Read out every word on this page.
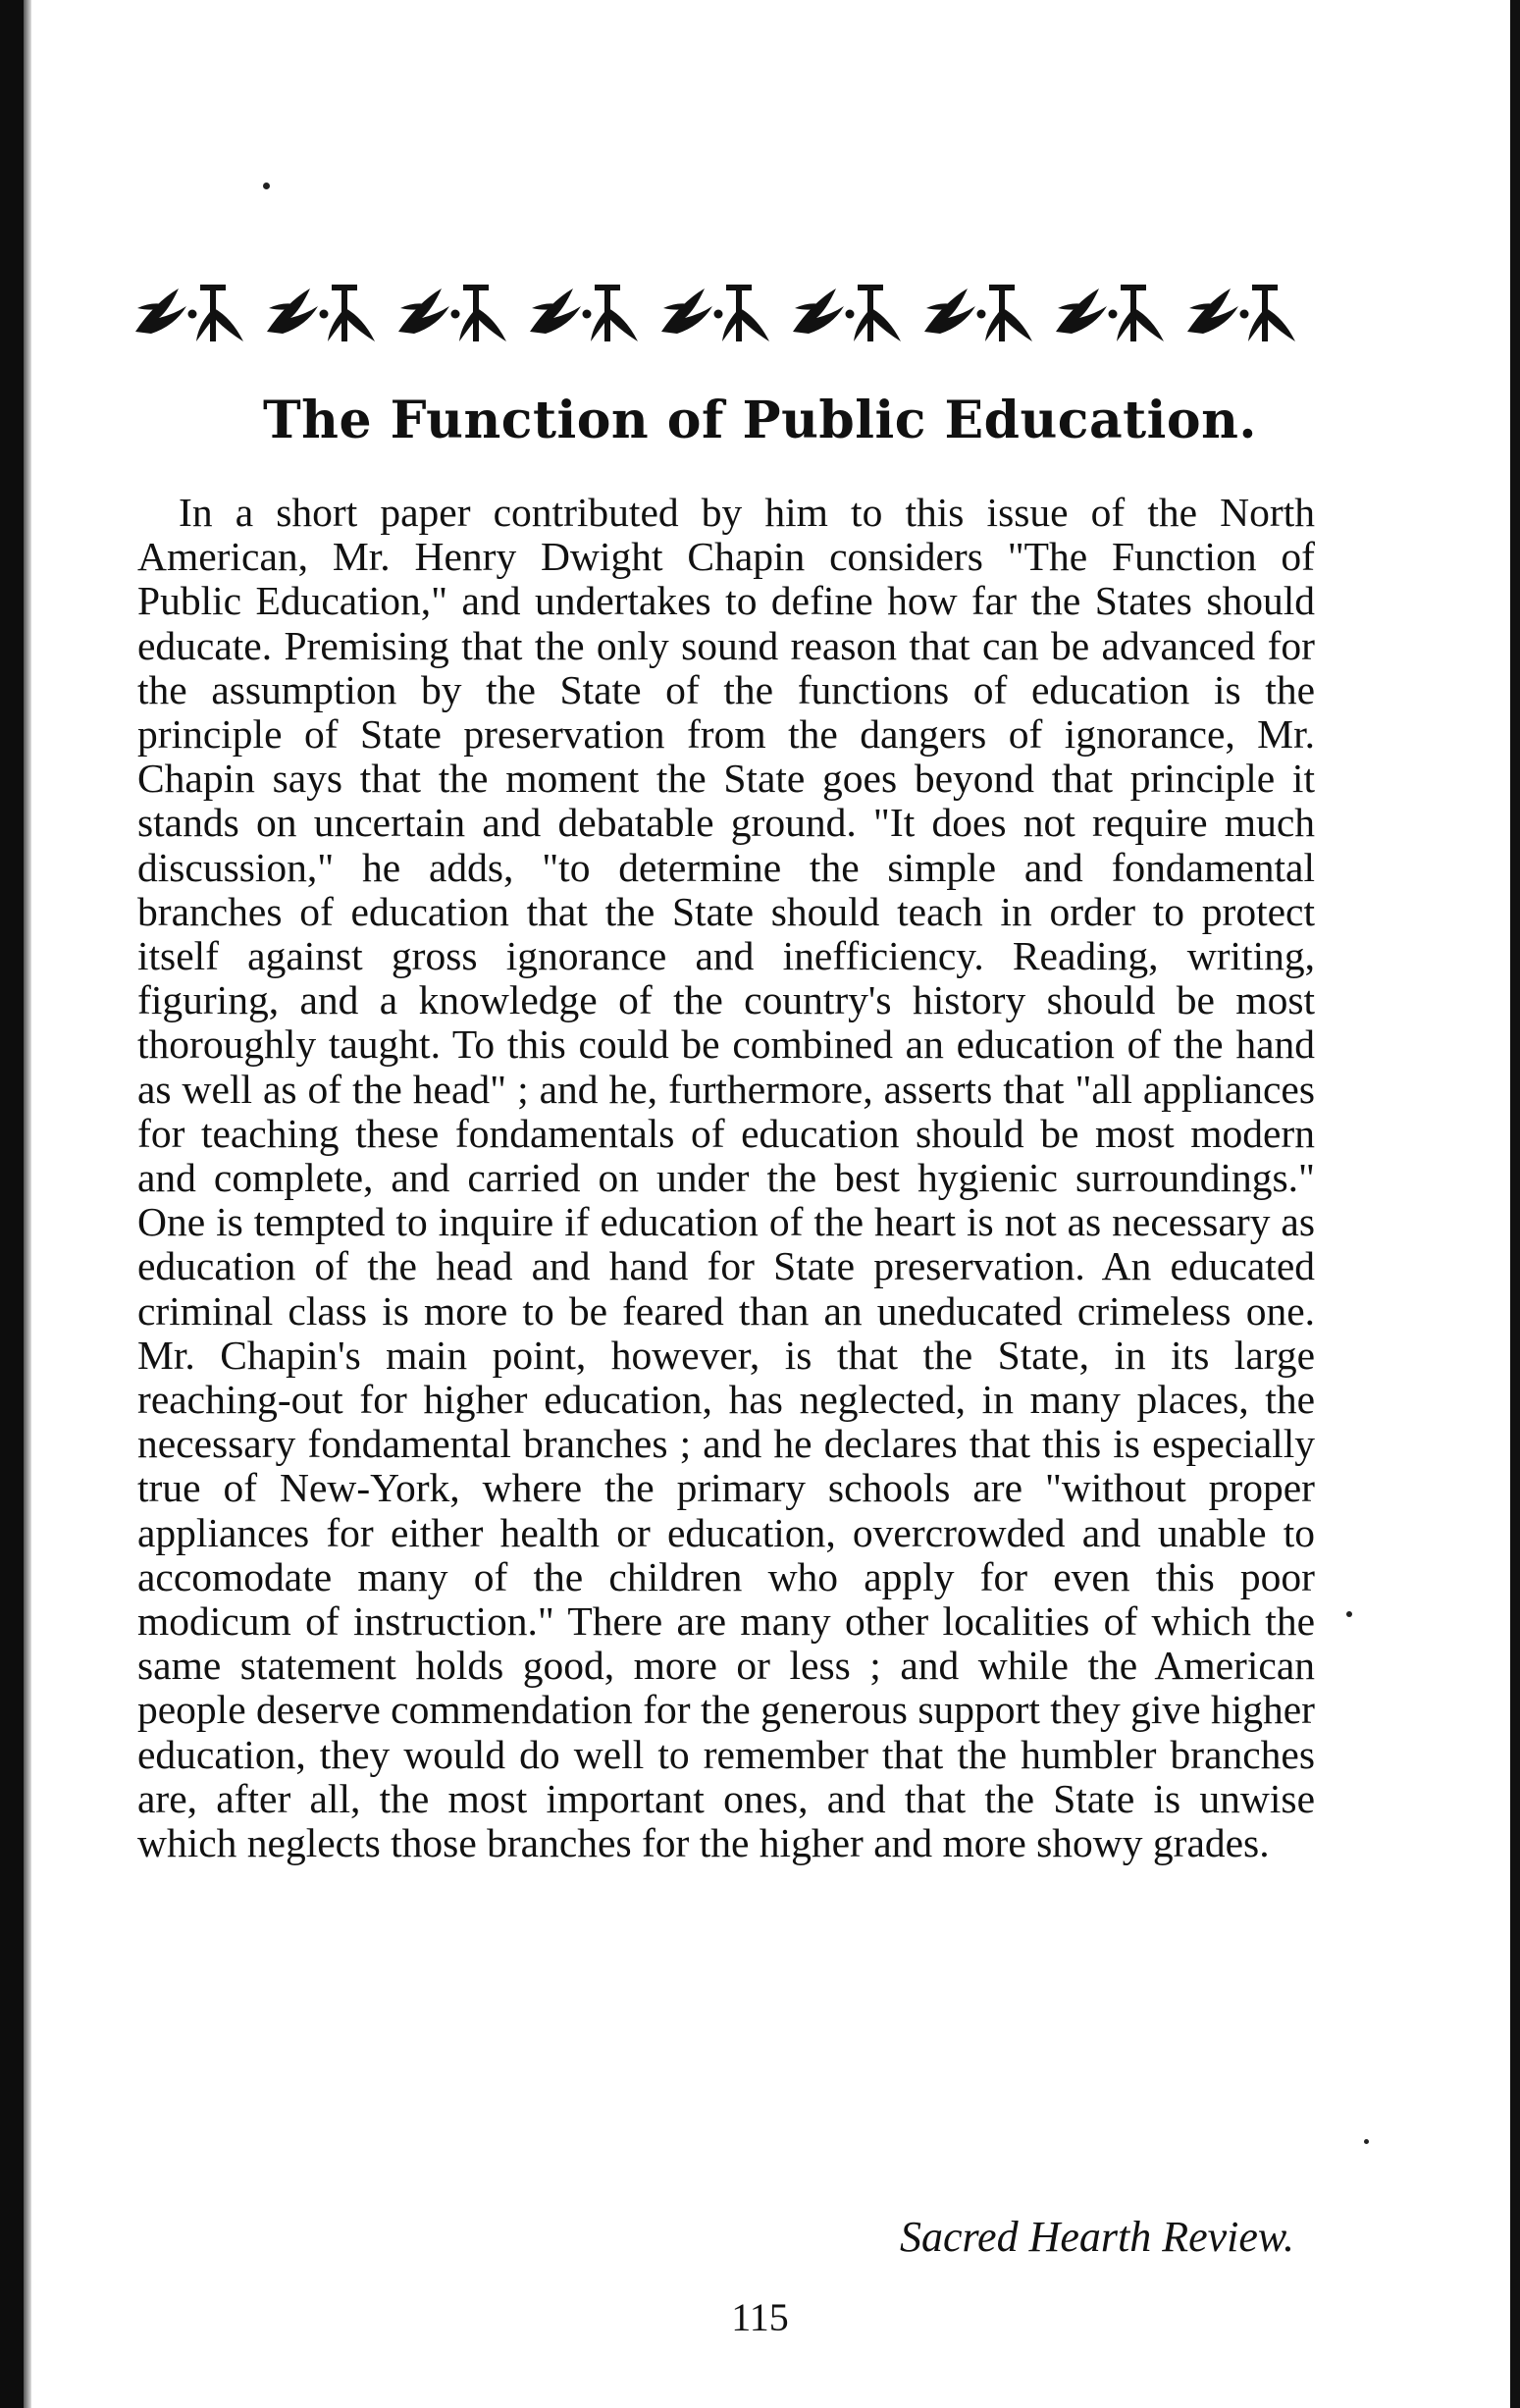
The Function of Public Education.

In a short paper contributed by him to this issue of the North American, Mr. Henry Dwight Chapin considers "The Function of Public Education," and undertakes to define how far the States should educate. Premising that the only sound reason that can be advanced for the assumption by the State of the functions of education is the principle of State preservation from the dangers of ignorance, Mr. Chapin says that the moment the State goes beyond that principle it stands on uncertain and debatable ground. "It does not require much discussion," he adds, "to determine the simple and fondamental branches of education that the State should teach in order to protect itself against gross ignorance and inefficiency. Reading, writing, figuring, and a knowledge of the country's history should be most thoroughly taught. To this could be combined an education of the hand as well as of the head" ; and he, furthermore, asserts that "all appliances for teaching these fondamentals of education should be most modern and complete, and carried on under the best hygienic surroundings." One is tempted to inquire if education of the heart is not as necessary as education of the head and hand for State preservation. An educated criminal class is more to be feared than an uneducated crimeless one. Mr. Chapin's main point, however, is that the State, in its large reaching-out for higher education, has neglected, in many places, the necessary fondamental branches ; and he declares that this is especially true of New-York, where the primary schools are "without proper appliances for either health or education, overcrowded and unable to accomodate many of the children who apply for even this poor modicum of instruction." There are many other localities of which the same statement holds good, more or less ; and while the American people deserve commendation for the generous support they give higher education, they would do well to remember that the humbler branches are, after all, the most important ones, and that the State is unwise which neglects those branches for the higher and more showy grades.

Sacred Hearth Review.
115
